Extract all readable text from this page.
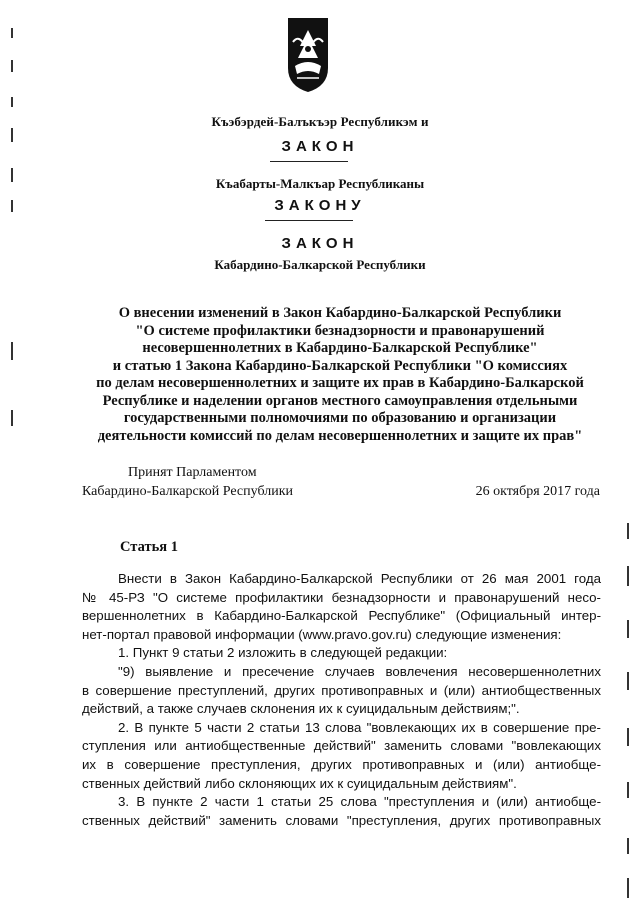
Къэбэрдей-Балъкъэр Республикэм и
ЗАКОН
Къабарты-Малкъар Республиканы
ЗАКОНУ
ЗАКОН
Кабардино-Балкарской Республики
О внесении изменений в Закон Кабардино-Балкарской Республики
"О системе профилактики безнадзорности и правонарушений
несовершеннолетних в Кабардино-Балкарской Республике"
и статью 1 Закона Кабардино-Балкарской Республики "О комиссиях
по делам несовершеннолетних и защите их прав в Кабардино-Балкарской
Республике и наделении органов местного самоуправления отдельными
государственными полномочиями по образованию и организации
деятельности комиссий по делам несовершеннолетних и защите их прав"
Принят Парламентом
Кабардино-Балкарской Республики	26 октября 2017 года
Статья 1
Внести в Закон Кабардино-Балкарской Республики от 26 мая 2001 года
№ 45-РЗ "О системе профилактики безнадзорности и правонарушений несо-
вершеннолетних в Кабардино-Балкарской Республике" (Официальный интер-
нет-портал правовой информации (www.pravo.gov.ru) следующие изменения:
1. Пункт 9 статьи 2 изложить в следующей редакции:
"9) выявление и пресечение случаев вовлечения несовершеннолетних
в совершение преступлений, других противоправных и (или) антиобщественных
действий, а также случаев склонения их к суицидальным действиям;".
2. В пункте 5 части 2 статьи 13 слова "вовлекающих их в совершение пре-
ступления или антиобщественные действий" заменить словами "вовлекающих
их в совершение преступления, других противоправных и (или) антиобще-
ственных действий либо склоняющих их к суицидальным действиям".
3. В пункте 2 части 1 статьи 25 слова "преступления и (или) антиобще-
ственных действий" заменить словами "преступления, других противоправных
